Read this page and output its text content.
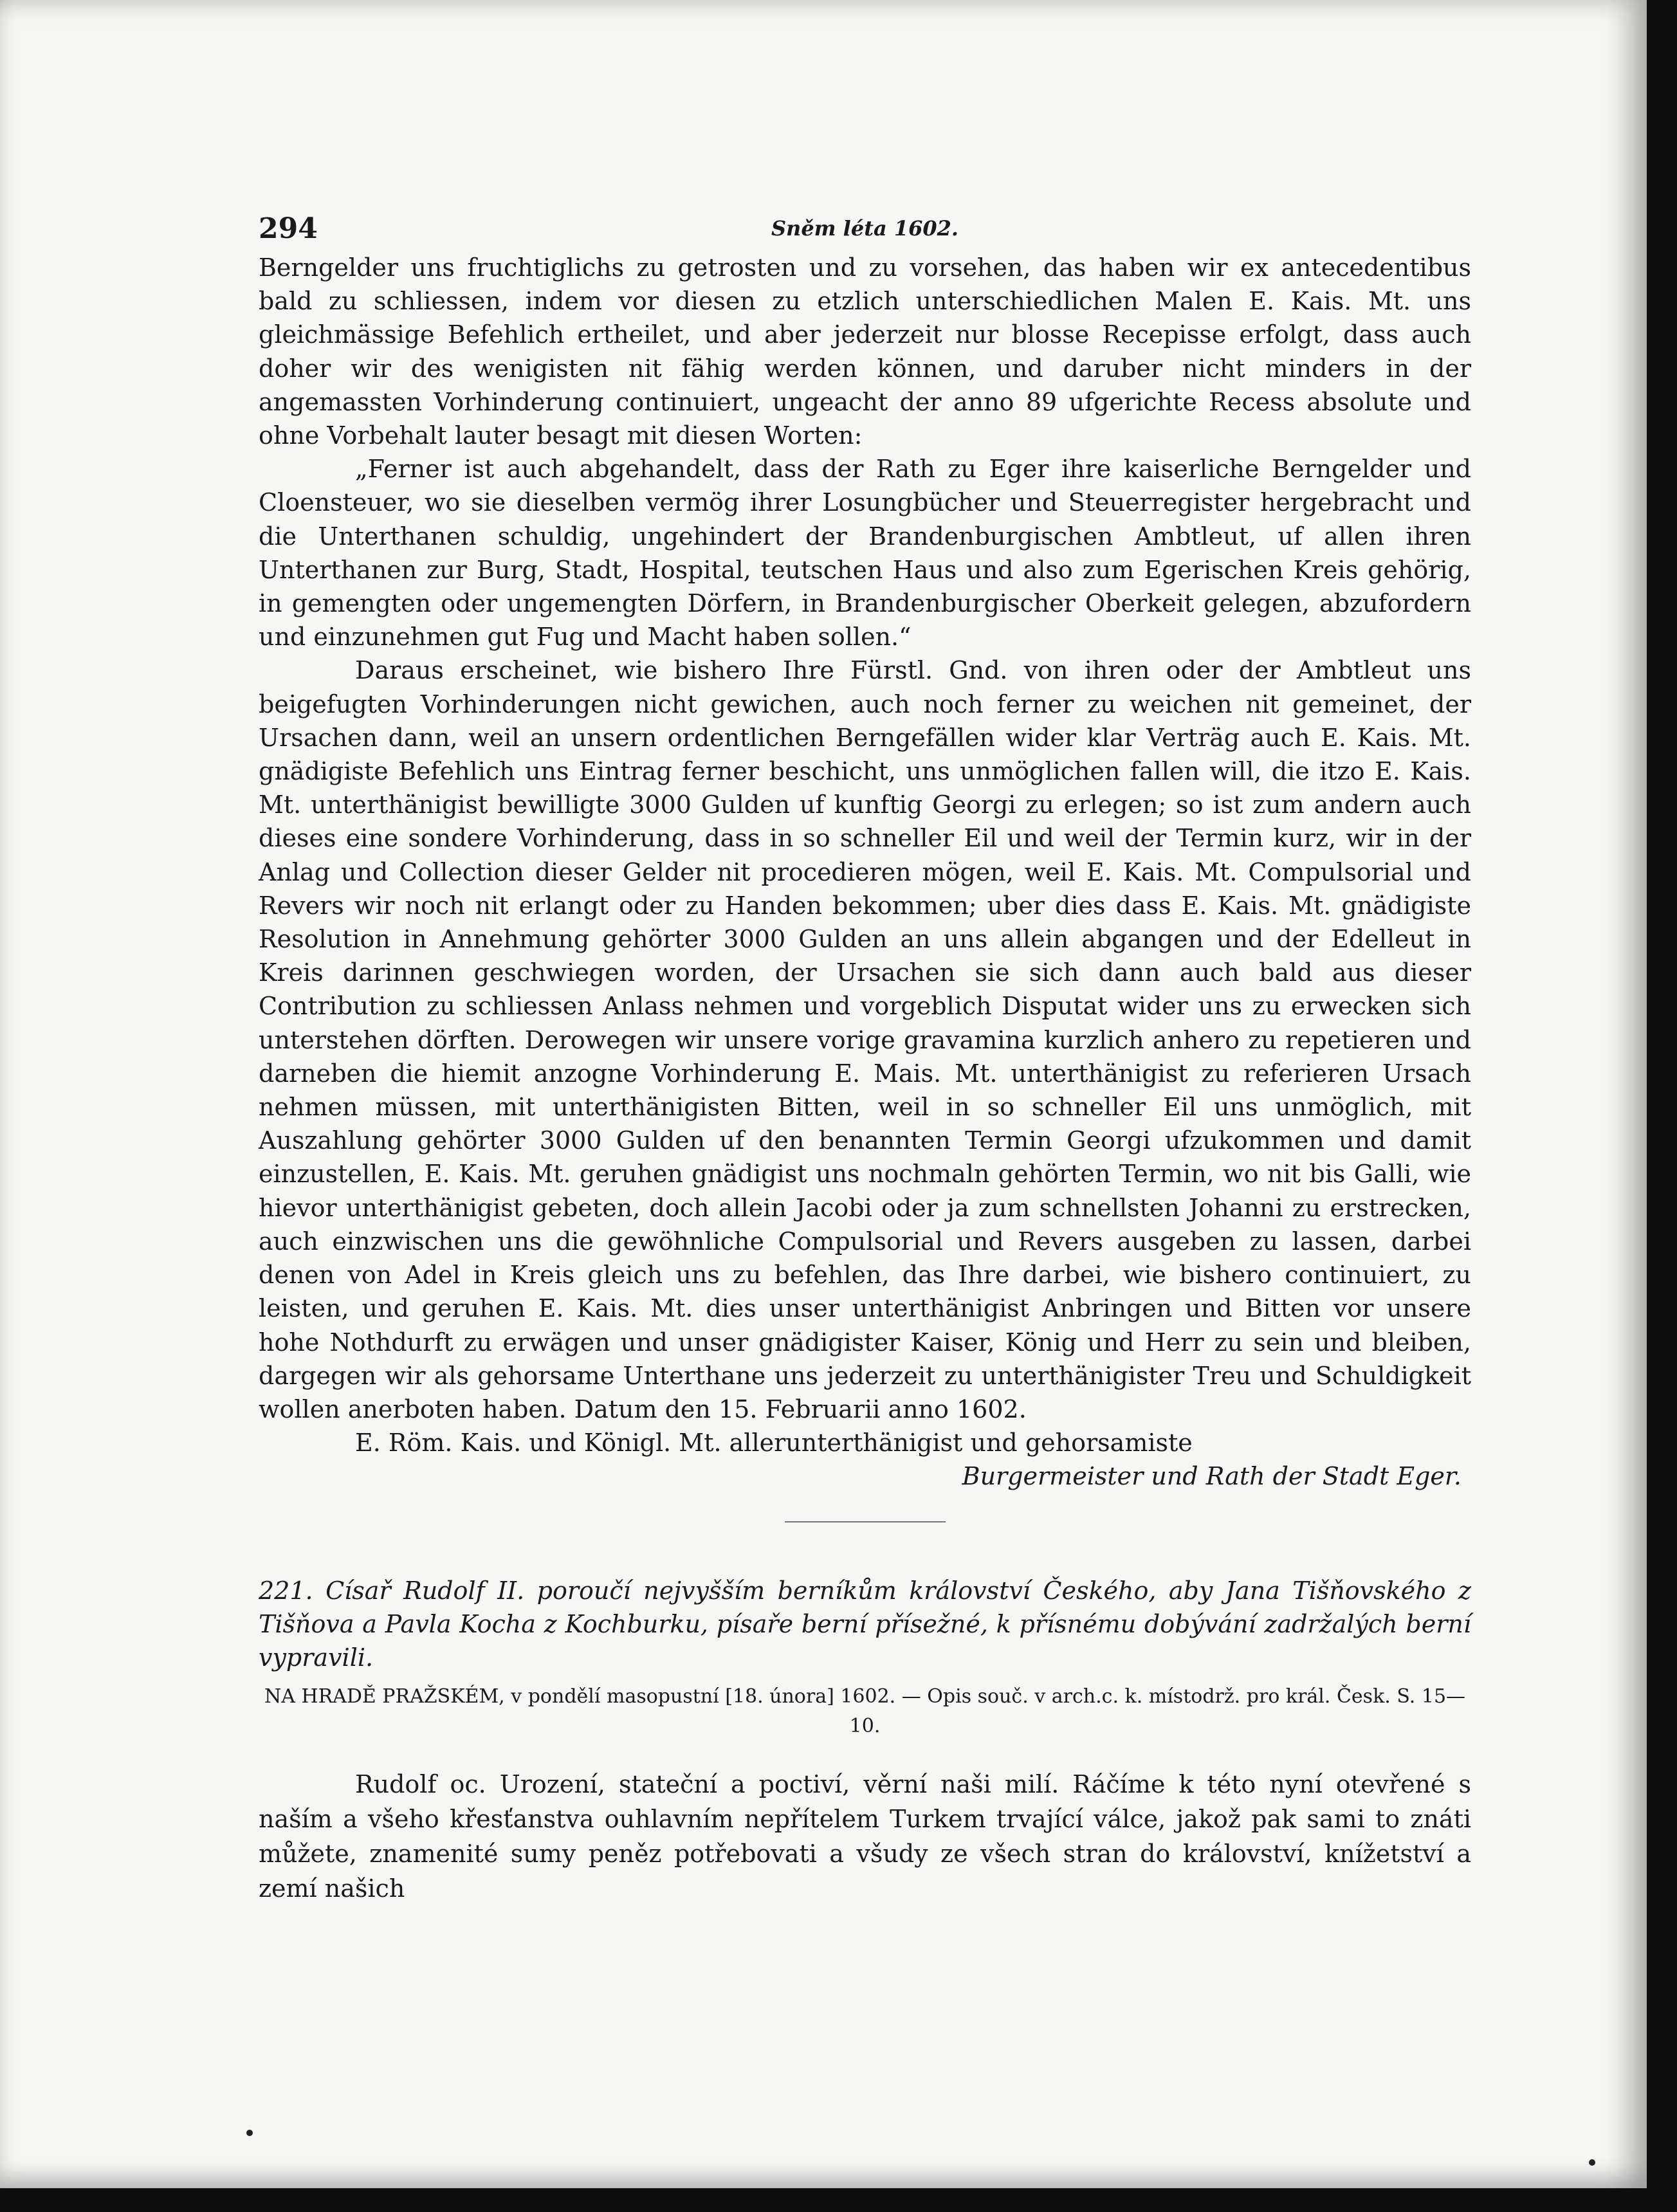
294	Sněm léta 1602.

Berngelder uns fruchtiglichs zu getrosten und zu vorsehen, das haben wir ex antecedentibus bald zu schliessen, indem vor diesen zu etzlich unterschiedlichen Malen E. Kais. Mt. uns gleichmässige Befehlich ertheilet, und aber jederzeit nur blosse Recepisse erfolgt, dass auch doher wir des wenigisten nit fähig werden können, und daruber nicht minders in der angemassten Vorhinderung continuiert, ungeacht der anno 89 ufgerichte Recess absolute und ohne Vorbehalt lauter besagt mit diesen Worten:

„Ferner ist auch abgehandelt, dass der Rath zu Eger ihre kaiserliche Berngelder und Cloensteuer, wo sie dieselben vermög ihrer Losungbücher und Steuerregister hergebracht und die Unterthanen schuldig, ungehindert der Brandenburgischen Ambtleut, uf allen ihren Unterthanen zur Burg, Stadt, Hospital, teutschen Haus und also zum Egerischen Kreis gehörig, in gemengten oder ungemengten Dörfern, in Brandenburgischer Oberkeit gelegen, abzufordern und einzunehmen gut Fug und Macht haben sollen.“

Daraus erscheinet, wie bishero Ihre Fürstl. Gnd. von ihren oder der Ambtleut uns beigefugten Vorhinderungen nicht gewichen, auch noch ferner zu weichen nit gemeinet, der Ursachen dann, weil an unsern ordentlichen Berngefällen wider klar Verträg auch E. Kais. Mt. gnädigiste Befehlich uns Eintrag ferner beschicht, uns unmöglichen fallen will, die itzo E. Kais. Mt. unterthänigist bewilligte 3000 Gulden uf kunftig Georgi zu erlegen; so ist zum andern auch dieses eine sondere Vorhinderung, dass in so schneller Eil und weil der Termin kurz, wir in der Anlag und Collection dieser Gelder nit procedieren mögen, weil E. Kais. Mt. Compulsorial und Revers wir noch nit erlangt oder zu Handen bekommen; uber dies dass E. Kais. Mt. gnädigiste Resolution in Annehmung gehörter 3000 Gulden an uns allein abgangen und der Edelleut in Kreis darinnen geschwiegen worden, der Ursachen sie sich dann auch bald aus dieser Contribution zu schliessen Anlass nehmen und vorgeblich Disputat wider uns zu erwecken sich unterstehen dörften. Derowegen wir unsere vorige gravamina kurzlich anhero zu repetieren und darneben die hiemit anzogne Vorhinderung E. Mais. Mt. unterthänigist zu referieren Ursach nehmen müssen, mit unterthänigisten Bitten, weil in so schneller Eil uns unmöglich, mit Auszahlung gehörter 3000 Gulden uf den benannten Termin Georgi ufzukommen und damit einzustellen, E. Kais. Mt. geruhen gnädigist uns nochmaln gehörten Termin, wo nit bis Galli, wie hievor unterthänigist gebeten, doch allein Jacobi oder ja zum schnellsten Johanni zu erstrecken, auch einzwischen uns die gewöhnliche Compulsorial und Revers ausgeben zu lassen, darbei denen von Adel in Kreis gleich uns zu befehlen, das Ihre darbei, wie bishero continuiert, zu leisten, und geruhen E. Kais. Mt. dies unser unterthänigist Anbringen und Bitten vor unsere hohe Nothdurft zu erwägen und unser gnädigister Kaiser, König und Herr zu sein und bleiben, dargegen wir als gehorsame Unterthane uns jederzeit zu unterthänigister Treu und Schuldigkeit wollen anerboten haben. Datum den 15. Februarii anno 1602.

E. Röm. Kais. und Königl. Mt. allerunterthänigist und gehorsamiste

Burgermeister und Rath der Stadt Eger.

221. Císař Rudolf II. poroučí nejvyšším berníkům království Českého, aby Jana Tišňovského z Tišňova a Pavla Kocha z Kochburku, písaře berní přísežné, k přísnému dobývání zadržalých berní vypravili.

NA HRADĚ PRAŽSKÉM, v pondělí masopustní [18. února] 1602. — Opis souč. v arch.c. k. místodrž. pro král. Česk. S. 15—10.

Rudolf oc. Urození, stateční a poctiví, věrní naši milí. Ráčíme k této nyní otevřené s naším a všeho křesťanstva ouhlavním nepřítelem Turkem trvající válce, jakož pak sami to znáti můžete, znamenité sumy peněz potřebovati a všudy ze všech stran do království, knížetství a zemí našich
